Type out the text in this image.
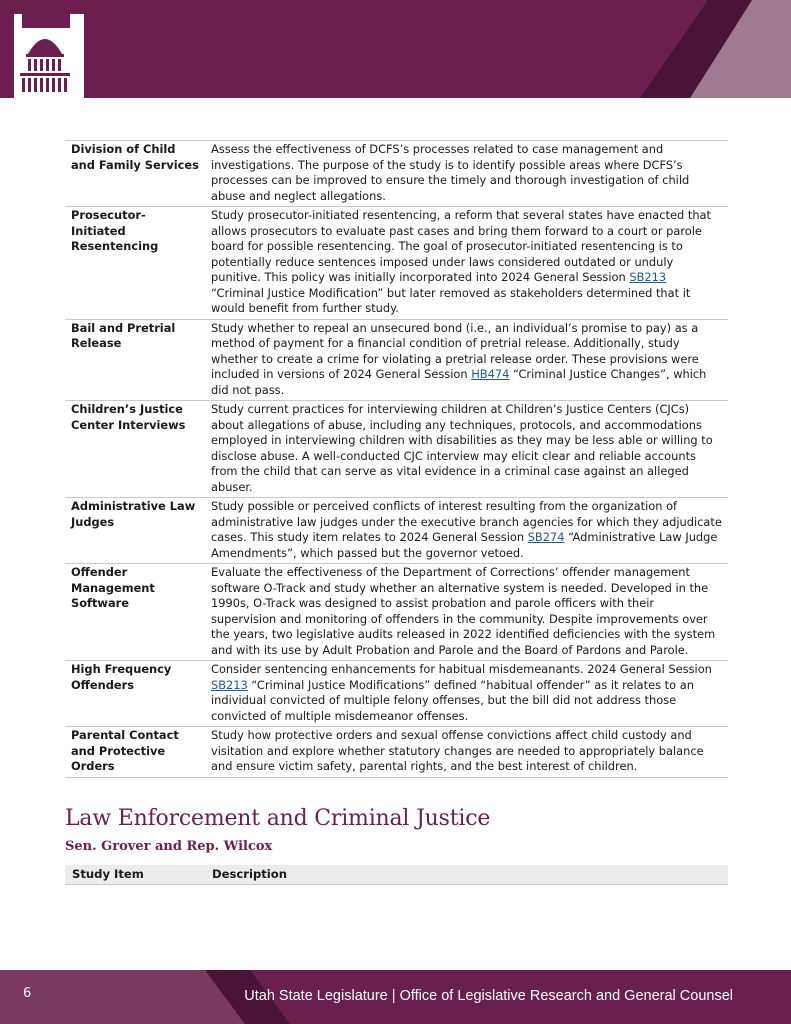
Division of Child and Family Services	Assess the effectiveness of DCFS’s processes related to case management and investigations. The purpose of the study is to identify possible areas where DCFS’s processes can be improved to ensure the timely and thorough investigation of child abuse and neglect allegations.
Prosecutor-Initiated Resentencing	Study prosecutor-initiated resentencing, a reform that several states have enacted that allows prosecutors to evaluate past cases and bring them forward to a court or parole board for possible resentencing. The goal of prosecutor-initiated resentencing is to potentially reduce sentences imposed under laws considered outdated or unduly punitive. This policy was initially incorporated into 2024 General Session SB213 “Criminal Justice Modification” but later removed as stakeholders determined that it would benefit from further study.
Bail and Pretrial Release	Study whether to repeal an unsecured bond (i.e., an individual’s promise to pay) as a method of payment for a financial condition of pretrial release. Additionally, study whether to create a crime for violating a pretrial release order. These provisions were included in versions of 2024 General Session HB474 “Criminal Justice Changes”, which did not pass.
Children’s Justice Center Interviews	Study current practices for interviewing children at Children’s Justice Centers (CJCs) about allegations of abuse, including any techniques, protocols, and accommodations employed in interviewing children with disabilities as they may be less able or willing to disclose abuse. A well-conducted CJC interview may elicit clear and reliable accounts from the child that can serve as vital evidence in a criminal case against an alleged abuser.
Administrative Law Judges	Study possible or perceived conflicts of interest resulting from the organization of administrative law judges under the executive branch agencies for which they adjudicate cases. This study item relates to 2024 General Session SB274 “Administrative Law Judge Amendments”, which passed but the governor vetoed.
Offender Management Software	Evaluate the effectiveness of the Department of Corrections’ offender management software O-Track and study whether an alternative system is needed. Developed in the 1990s, O-Track was designed to assist probation and parole officers with their supervision and monitoring of offenders in the community. Despite improvements over the years, two legislative audits released in 2022 identified deficiencies with the system and with its use by Adult Probation and Parole and the Board of Pardons and Parole.
High Frequency Offenders	Consider sentencing enhancements for habitual misdemeanants. 2024 General Session SB213 “Criminal Justice Modifications” defined “habitual offender” as it relates to an individual convicted of multiple felony offenses, but the bill did not address those convicted of multiple misdemeanor offenses.
Parental Contact and Protective Orders	Study how protective orders and sexual offense convictions affect child custody and visitation and explore whether statutory changes are needed to appropriately balance and ensure victim safety, parental rights, and the best interest of children.
Law Enforcement and Criminal Justice
Sen. Grover and Rep. Wilcox
Study Item	Description
6	Utah State Legislature | Office of Legislative Research and General Counsel
